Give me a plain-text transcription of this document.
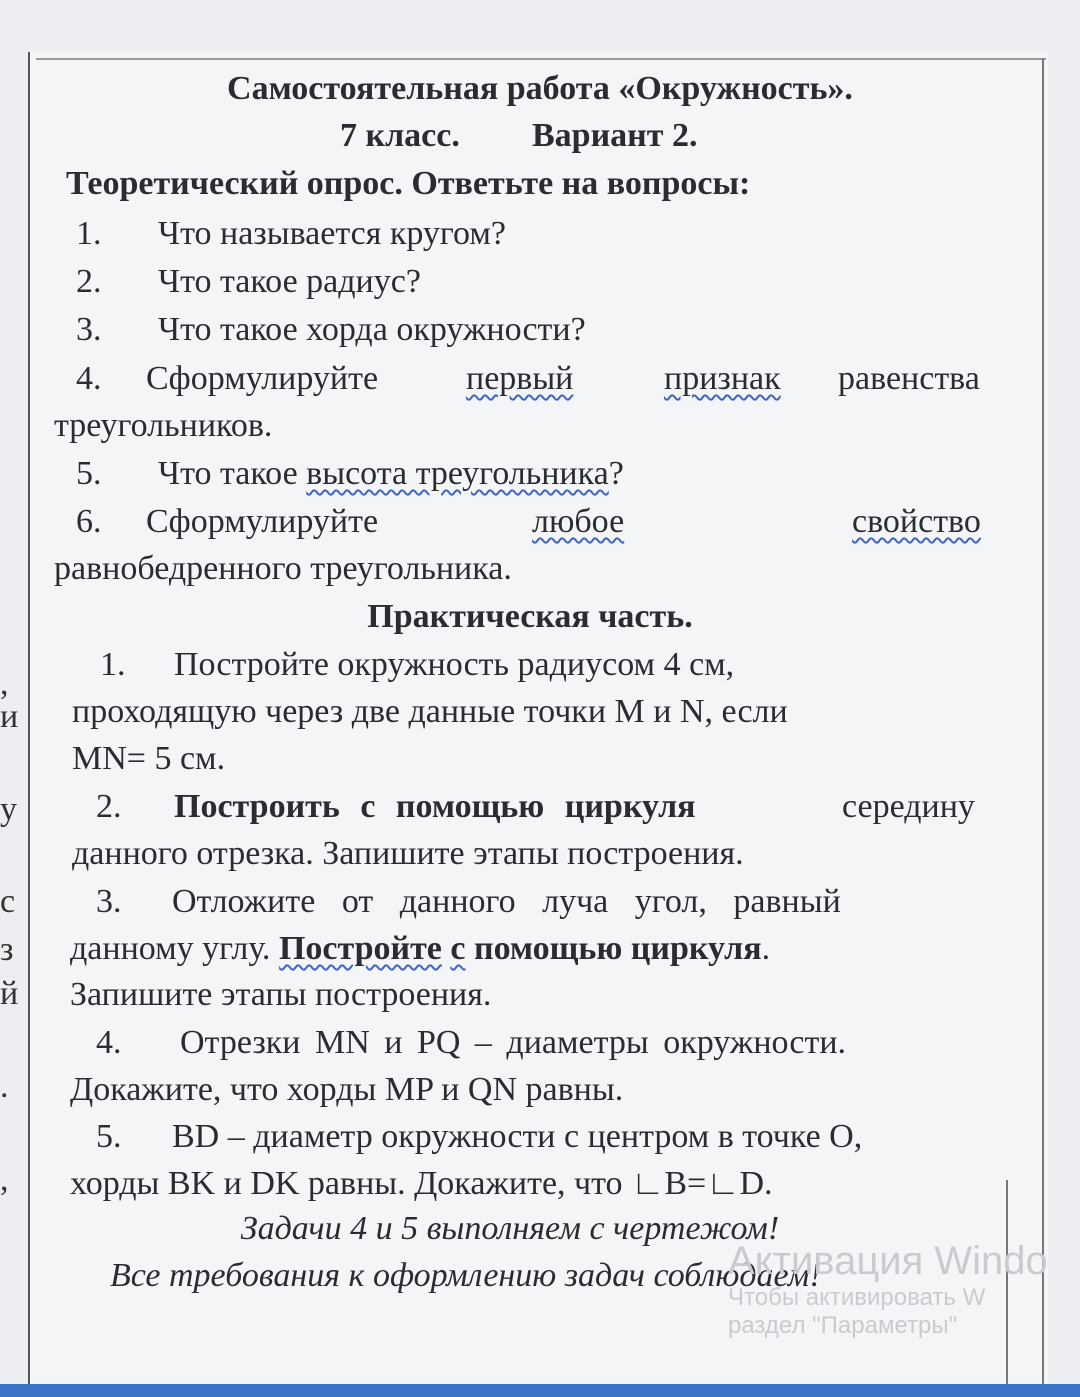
,
и
у
с
з
й
.
,
Самостоятельная работа «Окружность».
7 класс. Вариант 2.
Теоретический опрос. Ответьте на вопросы:
1. Что называется кругом?
2. Что такое радиус?
3. Что такое хорда окружности?
4. Сформулируйте	первый	признак равенства
треугольников.
5. Что такое высота треугольника?
6. Сформулируйте	любое	свойство
равнобедренного треугольника.
Практическая часть.
1. Постройте окружность радиусом 4 см,
проходящую через две данные точки M и N, если
MN= 5 см.
2. Построить с помощью циркуля	середину
данного отрезка. Запишите этапы построения.
3. Отложите от данного луча угол, равный
данному углу. Постройте с помощью циркуля.
Запишите этапы построения.
4. Отрезки MN и PQ – диаметры окружности.
Докажите, что хорды MP и QN равны.
5. BD – диаметр окружности с центром в точке O,
хорды BK и DK равны. Докажите, что ∟B=∟D.
Задачи 4 и 5 выполняем с чертежом!
Все требования к оформлению задач соблюдаем!
Активация Windo
Чтобы активировать W
раздел "Параметры"
